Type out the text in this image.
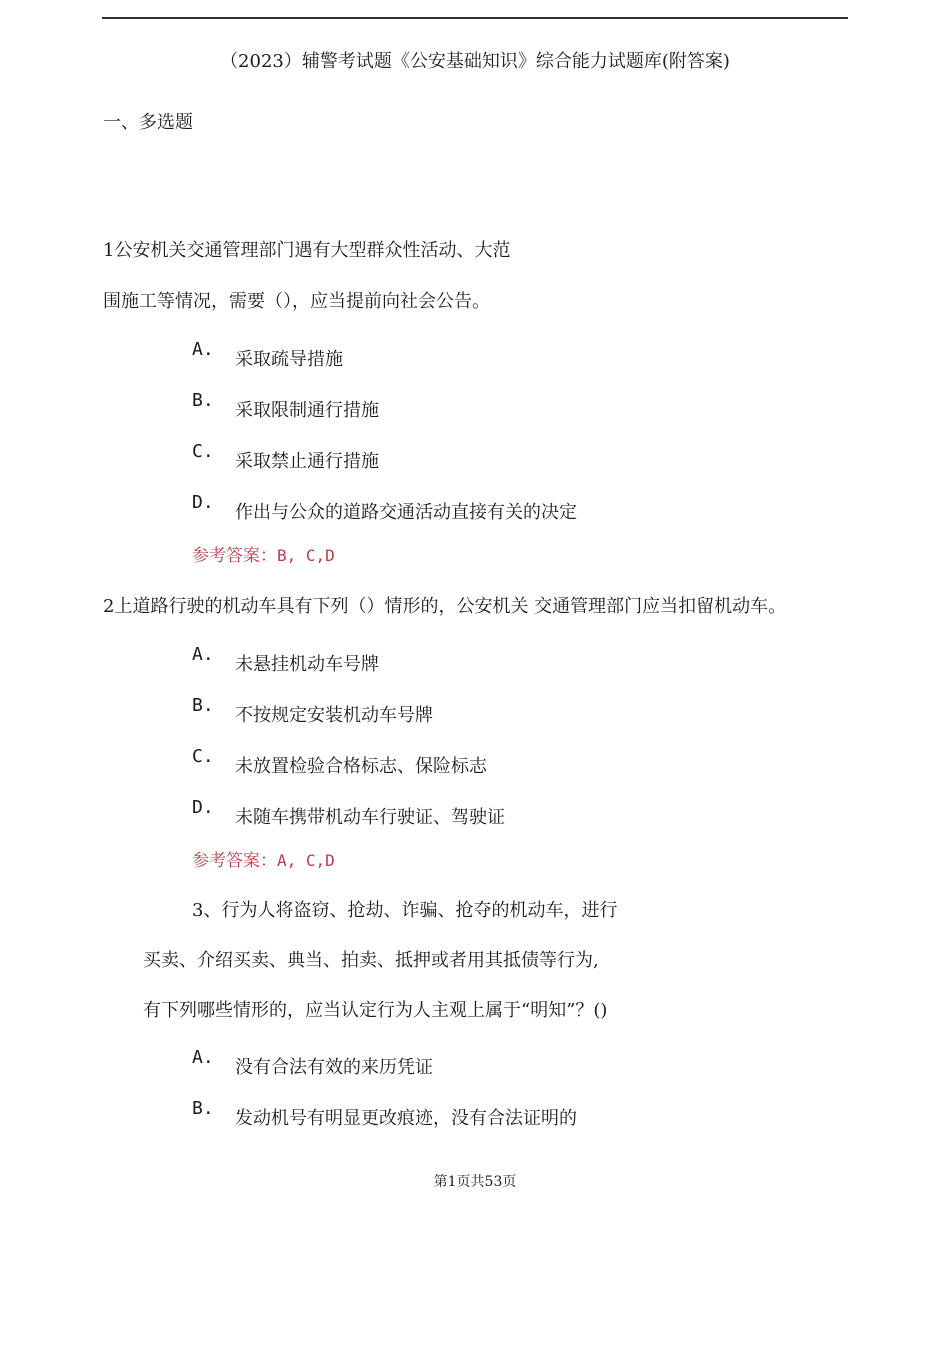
（2023）辅警考试题《公安基础知识》综合能力试题库(附答案)
一、多选题
1公安机关交通管理部门遇有大型群众性活动、大范
围施工等情况，需要（），应当提前向社会公告。
A. 采取疏导措施
B. 采取限制通行措施
C. 采取禁止通行措施
D. 作出与公众的道路交通活动直接有关的决定
参考答案：B, C,D
2上道路行驶的机动车具有下列（）情形的，公安机关 交通管理部门应当扣留机动车。
A. 未悬挂机动车号牌
B. 不按规定安装机动车号牌
C. 未放置检验合格标志、保险标志
D. 未随车携带机动车行驶证、驾驶证
参考答案：A, C,D
3、行为人将盗窃、抢劫、诈骗、抢夺的机动车，进行
买卖、介绍买卖、典当、拍卖、抵押或者用其抵债等行为,
有下列哪些情形的，应当认定行为人主观上属于“明知”？()
A. 没有合法有效的来历凭证
B. 发动机号有明显更改痕迹，没有合法证明的
第1页共53页
